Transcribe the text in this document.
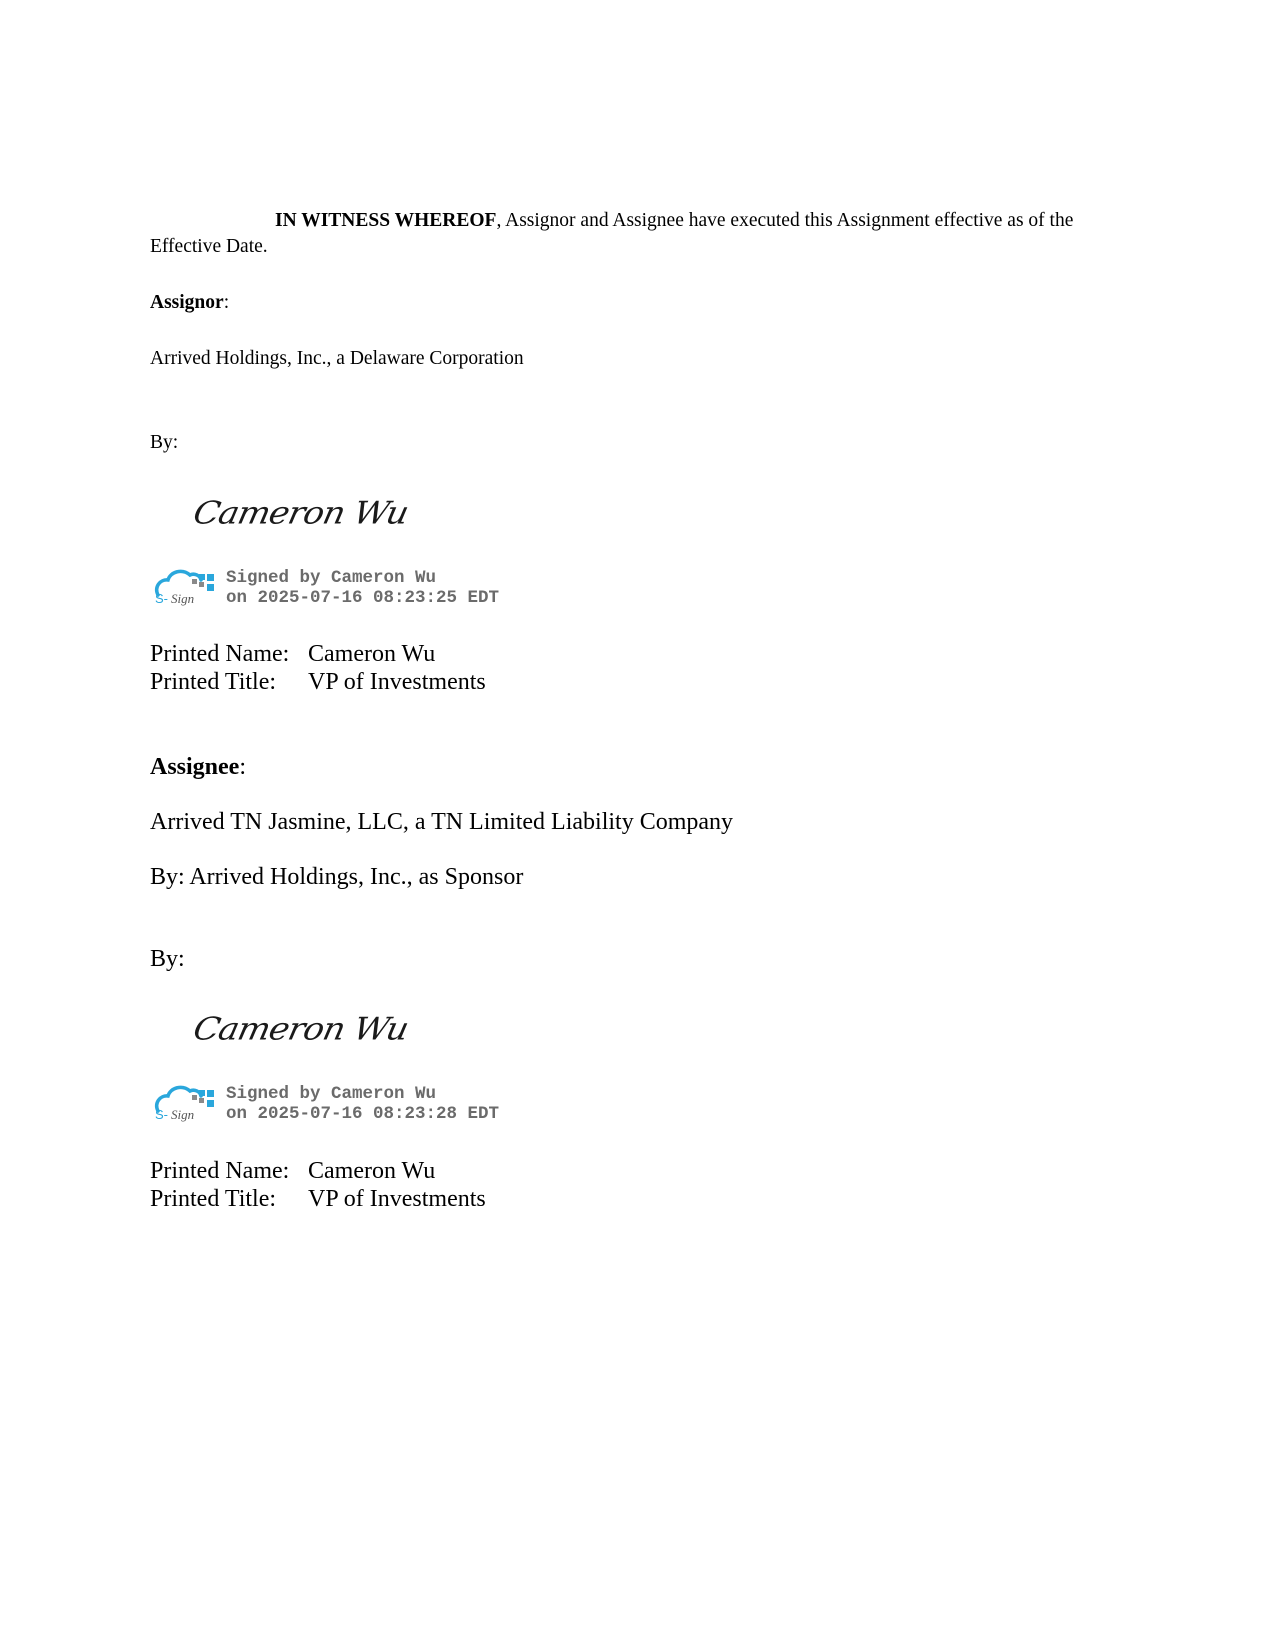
IN WITNESS WHEREOF, Assignor and Assignee have executed this Assignment effective as of the Effective Date.
Assignor:
Arrived Holdings, Inc., a Delaware Corporation
By:
Cameron Wu
S- Sign
Signed by Cameron Wu
on 2025-07-16 08:23:25 EDT
Printed Name: Cameron Wu
Printed Title: VP of Investments
Assignee:
Arrived TN Jasmine, LLC, a TN Limited Liability Company
By: Arrived Holdings, Inc., as Sponsor
By:
Cameron Wu
S- Sign
Signed by Cameron Wu
on 2025-07-16 08:23:28 EDT
Printed Name: Cameron Wu
Printed Title: VP of Investments
